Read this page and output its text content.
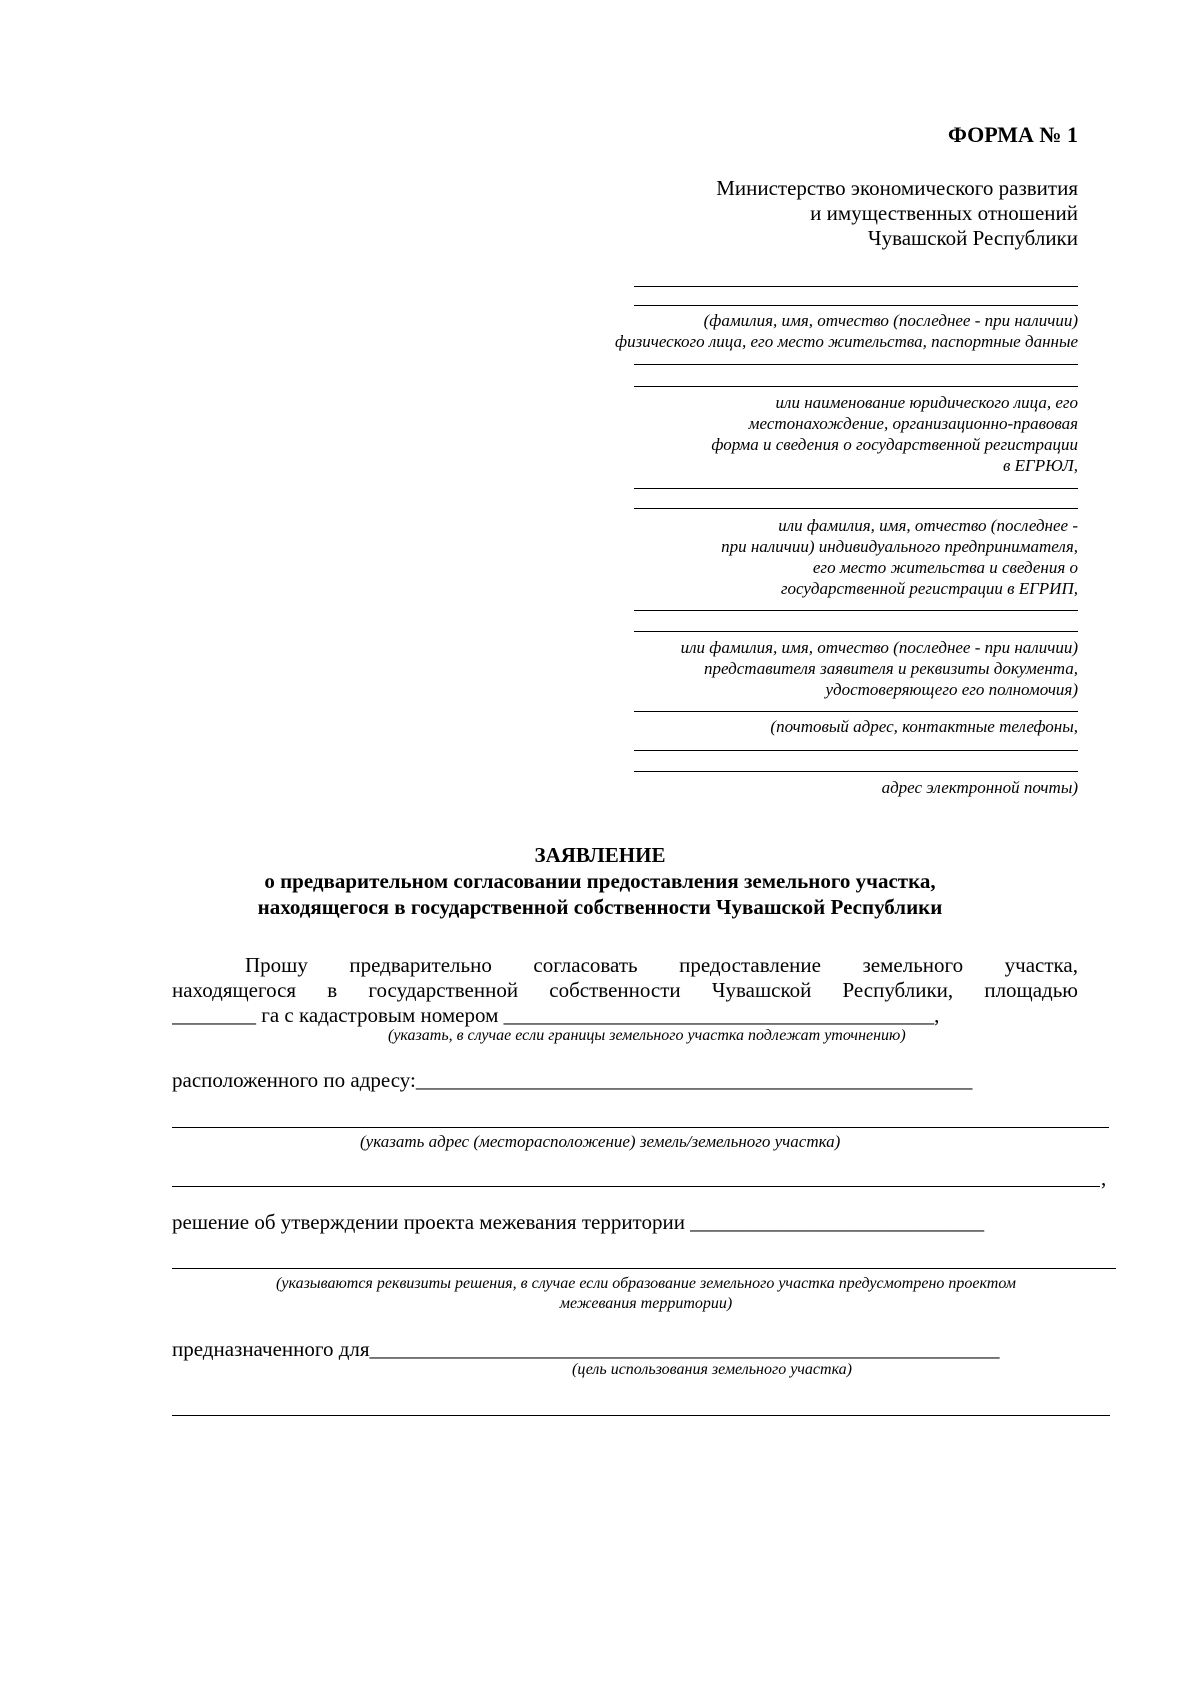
ФОРМА № 1
Министерство экономического развития
и имущественных отношений
Чувашской Республики
(фамилия, имя, отчество (последнее - при наличии)
физического лица, его место жительства, паспортные данные
или наименование юридического лица, его
местонахождение, организационно-правовая
форма и сведения о государственной регистрации
в ЕГРЮЛ,
или фамилия, имя, отчество (последнее -
при наличии) индивидуального предпринимателя,
его место жительства и сведения о
государственной регистрации в ЕГРИП,
или фамилия, имя, отчество (последнее - при наличии)
представителя заявителя и реквизиты документа,
удостоверяющего его полномочия)
(почтовый адрес, контактные телефоны,
адрес электронной почты)
ЗАЯВЛЕНИЕ
о предварительном согласовании предоставления земельного участка,
находящегося в государственной собственности Чувашской Республики
Прошу предварительно согласовать предоставление земельного участка,
находящегося в государственной собственности Чувашской Республики, площадью
________ га с кадастровым номером _________________________________________,
(указать, в случае если границы земельного участка подлежат уточнению)
расположенного по адресу:_____________________________________________________
(указать адрес (месторасположение) земель/земельного участка)
,
решение об утверждении проекта межевания территории ____________________________
(указываются реквизиты решения, в случае если образование земельного участка предусмотрено проектом
межевания территории)
предназначенного для____________________________________________________________
(цель использования земельного участка)
